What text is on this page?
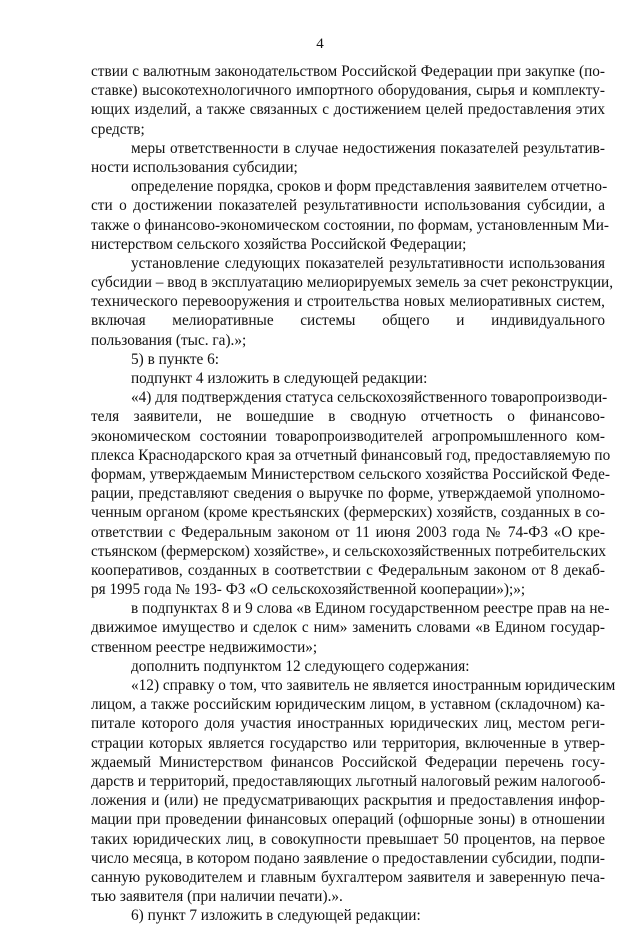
4
ствии с валютным законодательством Российской Федерации при закупке (по-
ставке) высокотехнологичного импортного оборудования, сырья и комплекту-
ющих изделий, а также связанных с достижением целей предоставления этих
средств;
меры ответственности в случае недостижения показателей результатив-
ности использования субсидии;
определение порядка, сроков и форм представления заявителем отчетно-
сти о достижении показателей результативности использования субсидии, а
также о финансово-экономическом состоянии, по формам, установленным Ми-
нистерством сельского хозяйства Российской Федерации;
установление следующих показателей результативности использования
субсидии – ввод в эксплуатацию мелиорируемых земель за счет реконструкции,
технического перевооружения и строительства новых мелиоративных систем,
включая мелиоративные системы общего и индивидуального
пользования (тыс. га).»;
5) в пункте 6:
подпункт 4 изложить в следующей редакции:
«4) для подтверждения статуса сельскохозяйственного товаропроизводи-
теля заявители, не вошедшие в сводную отчетность о финансово-
экономическом состоянии товаропроизводителей агропромышленного ком-
плекса Краснодарского края за отчетный финансовый год, предоставляемую по
формам, утверждаемым Министерством сельского хозяйства Российской Феде-
рации, представляют сведения о выручке по форме, утверждаемой уполномо-
ченным органом (кроме крестьянских (фермерских) хозяйств, созданных в со-
ответствии с Федеральным законом от 11 июня 2003 года № 74-ФЗ «О кре-
стьянском (фермерском) хозяйстве», и сельскохозяйственных потребительских
кооперативов, созданных в соответствии с Федеральным законом от 8 декаб-
ря 1995 года № 193- ФЗ «О сельскохозяйственной кооперации»);»;
в подпунктах 8 и 9 слова «в Едином государственном реестре прав на не-
движимое имущество и сделок с ним» заменить словами «в Едином государ-
ственном реестре недвижимости»;
дополнить подпунктом 12 следующего содержания:
«12) справку о том, что заявитель не является иностранным юридическим
лицом, а также российским юридическим лицом, в уставном (складочном) ка-
питале которого доля участия иностранных юридических лиц, местом реги-
страции которых является государство или территория, включенные в утвер-
ждаемый Министерством финансов Российской Федерации перечень госу-
дарств и территорий, предоставляющих льготный налоговый режим налогооб-
ложения и (или) не предусматривающих раскрытия и предоставления инфор-
мации при проведении финансовых операций (офшорные зоны) в отношении
таких юридических лиц, в совокупности превышает 50 процентов, на первое
число месяца, в котором подано заявление о предоставлении субсидии, подпи-
санную руководителем и главным бухгалтером заявителя и заверенную печа-
тью заявителя (при наличии печати).».
6) пункт 7 изложить в следующей редакции:
